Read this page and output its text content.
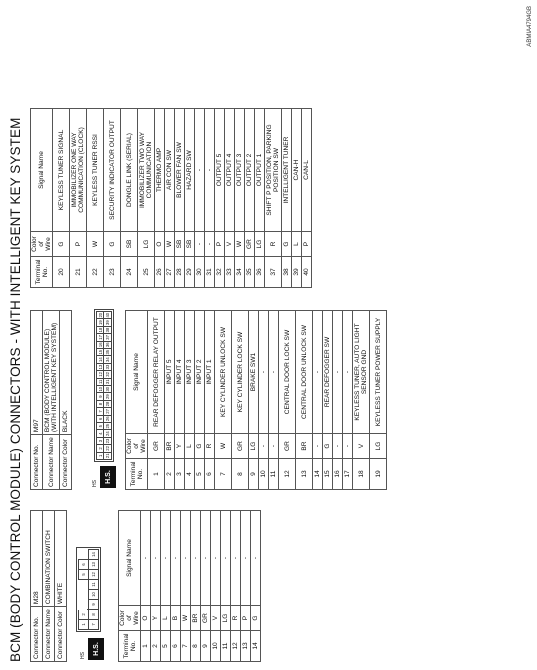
BCM (BODY CONTROL MODULE) CONNECTORS - WITH INTELLIGENT KEY SYSTEM Connector No.	M28
Connector Name	COMBINATION SWITCH
Connector Color	WHITE
HS H.S.
1
2
5
6
7
8
9
10
11
12
13
14
Terminal No.	Color of Wire	Signal Name
1	O	-
2	Y	-
5	L	-
6	B	-
7	W	-
8	BR	-
9	GR	-
10	V	-
11	LG	-
12	R	-
13	P	-
14	G	-
Connector No.	M97
Connector Name	BCM (BODY CONTROL MODULE) (WITH INTELLIGENT KEY SYSTEM)
Connector Color	BLACK
HS H.S.
1
2
3
4
5
6
7
8
9
10
11
12
13
14
15
16
17
18
19
20
21
22
23
24
25
26
27
28
29
30
31
32
33
34
35
36
37
38
39
40
Terminal No.	Color of Wire	Signal Name
1	GR	REAR DEFOGGER RELAY OUTPUT
2	BR	INPUT 5
3	Y	INPUT 4
4	L	INPUT 3
5	G	INPUT 2
6	R	INPUT 1
7	W	KEY CYLINDER UNLOCK SW
8	GR	KEY CYLINDER LOCK SW
9	LG	BRAKE SW1
10	-	-
11	-	-
12	GR	CENTRAL DOOR LOCK SW
13	BR	CENTRAL DOOR UNLOCK SW
14	-	-
15	G	REAR DEFOGGER SW
16	-	-
17	-	-
18	V	KEYLESS TUNER, AUTO LIGHT SENSOR GND
19	LG	KEYLESS TUNER POWER SUPPLY
Terminal No.	Color of Wire	Signal Name
20	G	KEYLESS TUNER SIGNAL
21	P	IMMOBILIZER ONE WAY COMMUNICATION (CLOCK)
22	W	KEYLESS TUNER RSSI
23	G	SECURITY INDICATOR OUTPUT
24	SB	DONGLE LINK (SERIAL)
25	LG	IMMOBILIZER TWO WAY COMMUNICATION
26	O	THERMO AMP
27	W	AIR CON SW
28	SB	BLOWER FAN SW
29	SB	HAZARD SW
30	-	-
31	-	-
32	P	OUTPUT 5
33	V	OUTPUT 4
34	W	OUTPUT 3
35	GR	OUTPUT 2
36	LG	OUTPUT 1
37	R	SHIFT P POSITION, PARKING POSITION SW
38	G	INTELLIGENT TUNER
39	L	CAN-H
40	P	CAN-L
ABMIA4794GB
